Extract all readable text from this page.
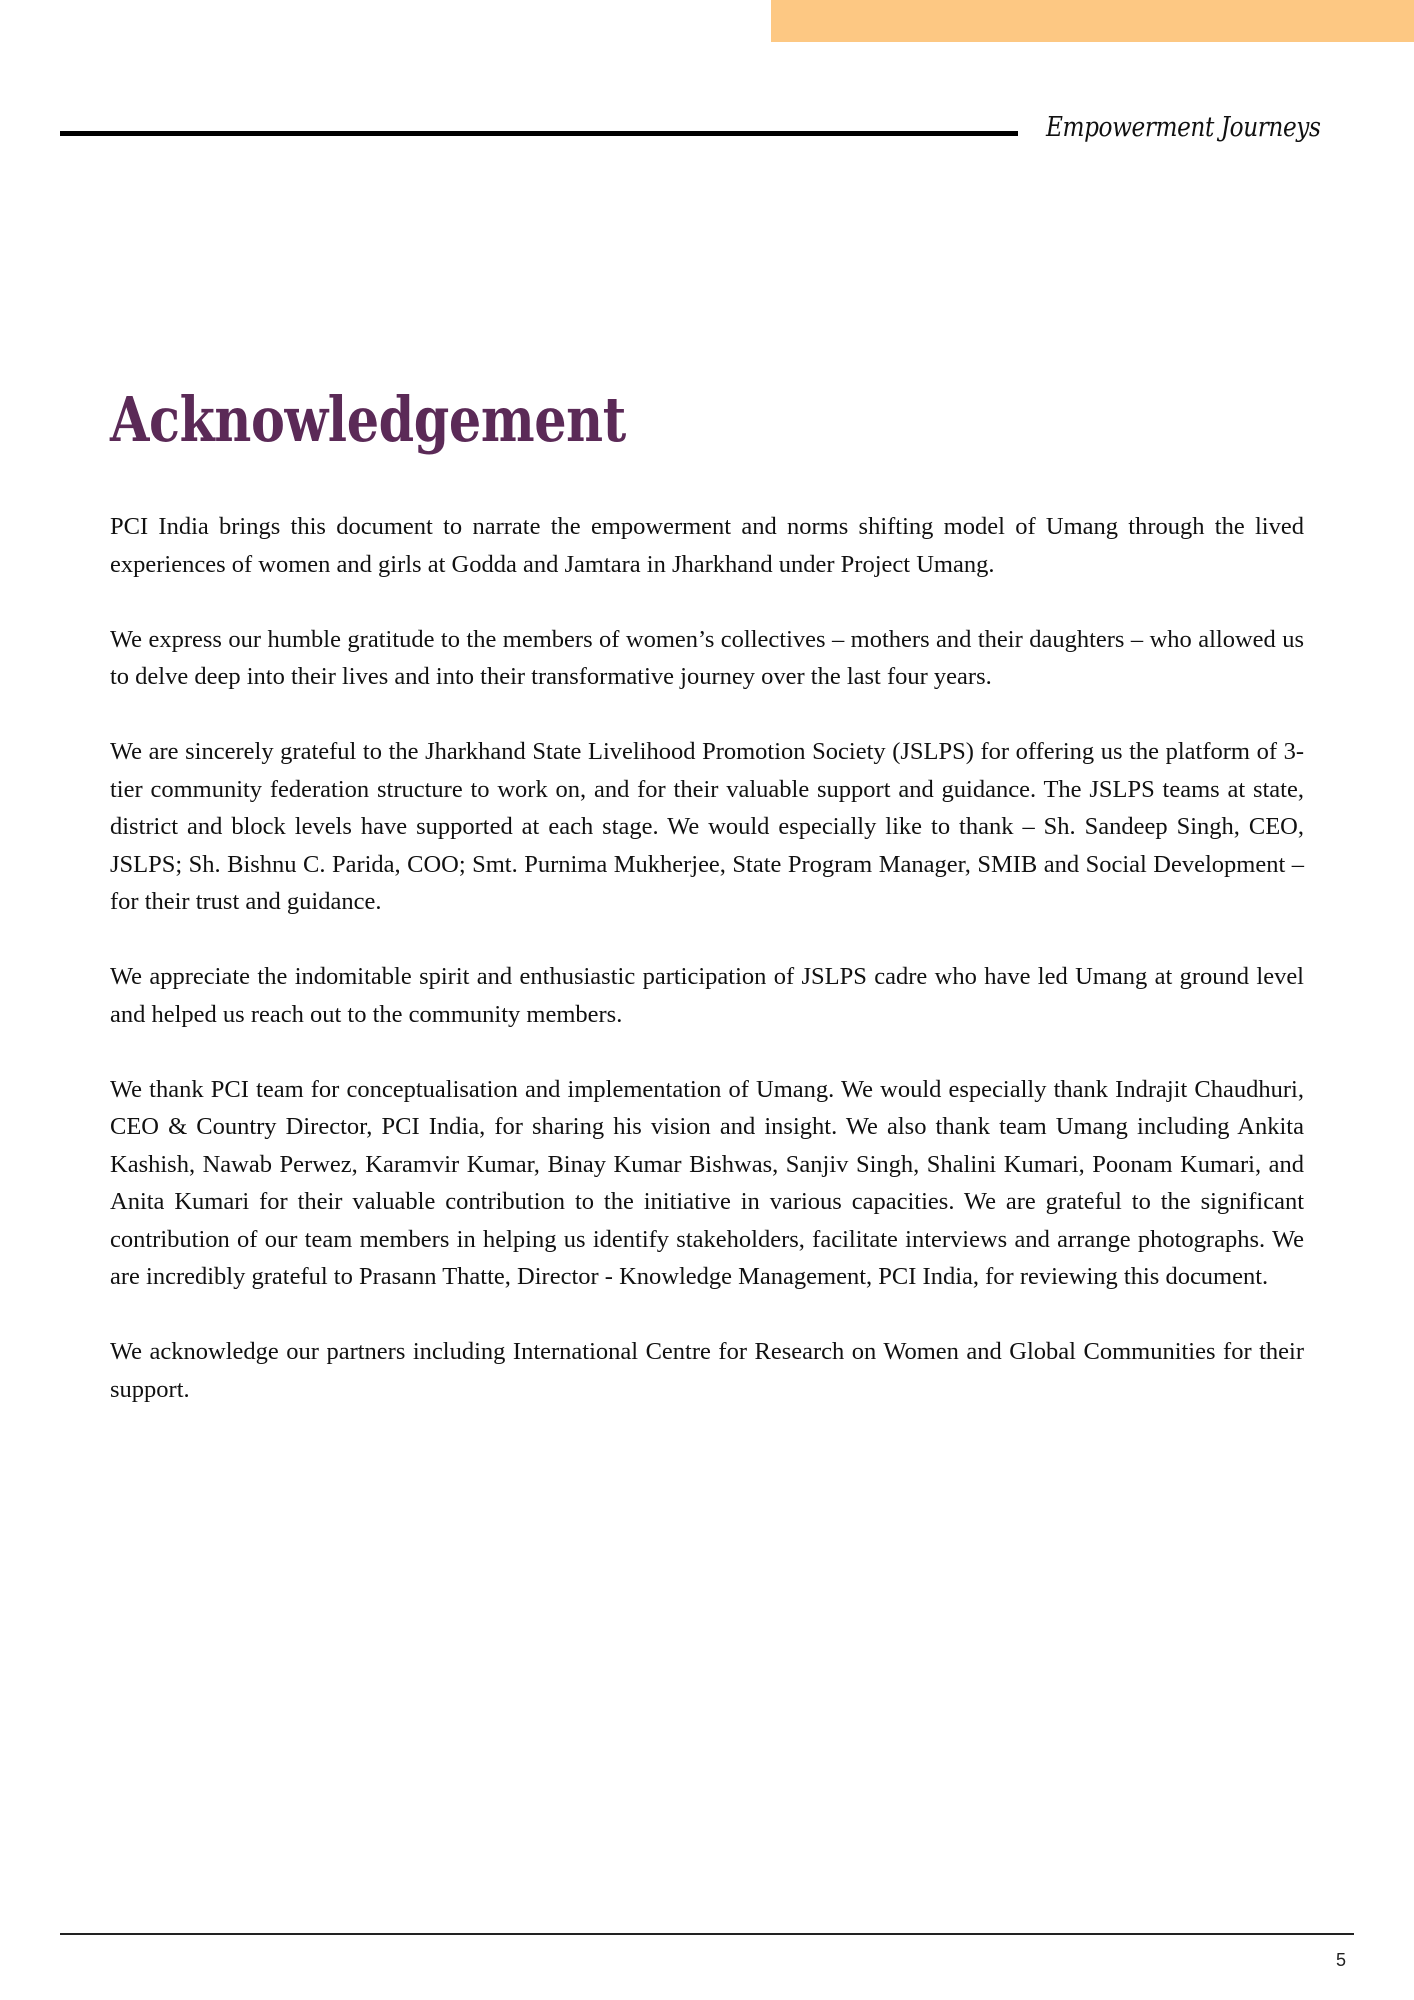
Empowerment Journeys
Acknowledgement

PCI India brings this document to narrate the empowerment and norms shifting model of Umang through the lived experiences of women and girls at Godda and Jamtara in Jharkhand under Project Umang.

We express our humble gratitude to the members of women’s collectives – mothers and their daughters – who allowed us to delve deep into their lives and into their transformative journey over the last four years.

We are sincerely grateful to the Jharkhand State Livelihood Promotion Society (JSLPS) for offering us the platform of 3-tier community federation structure to work on, and for their valuable support and guidance. The JSLPS teams at state, district and block levels have supported at each stage. We would especially like to thank – Sh. Sandeep Singh, CEO, JSLPS; Sh. Bishnu C. Parida, COO; Smt. Purnima Mukherjee, State Program Manager, SMIB and Social Development – for their trust and guidance.

We appreciate the indomitable spirit and enthusiastic participation of JSLPS cadre who have led Umang at ground level and helped us reach out to the community members.

We thank PCI team for conceptualisation and implementation of Umang. We would especially thank Indrajit Chaudhuri, CEO & Country Director, PCI India, for sharing his vision and insight. We also thank team Umang including Ankita Kashish, Nawab Perwez, Karamvir Kumar, Binay Kumar Bishwas, Sanjiv Singh, Shalini Kumari, Poonam Kumari, and Anita Kumari for their valuable contribution to the initiative in various capacities. We are grateful to the significant contribution of our team members in helping us identify stakeholders, facilitate interviews and arrange photographs. We are incredibly grateful to Prasann Thatte, Director - Knowledge Management, PCI India, for reviewing this document.

We acknowledge our partners including International Centre for Research on Women and Global Communities for their support.

5
